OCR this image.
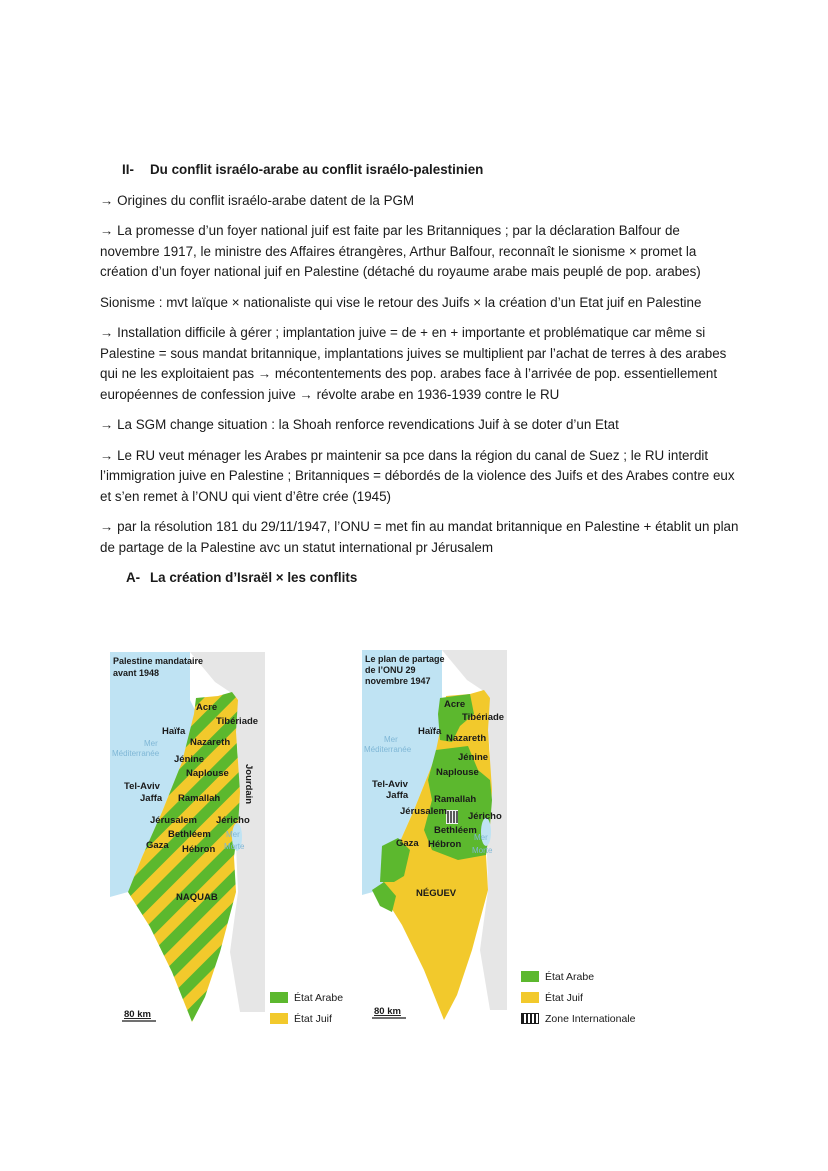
II- Du conflit israélo-arabe au conflit israélo-palestinien
→ Origines du conflit israélo-arabe datent de la PGM
→ La promesse d’un foyer national juif est faite par les Britanniques ; par la déclaration Balfour de novembre 1917, le ministre des Affaires étrangères, Arthur Balfour, reconnaît le sionisme × promet la création d’un foyer national juif en Palestine (détaché du royaume arabe mais peuplé de pop. arabes)
Sionisme : mvt laïque × nationaliste qui vise le retour des Juifs × la création d’un Etat juif en Palestine
→ Installation difficile à gérer ; implantation juive = de + en + importante et problématique car même si Palestine = sous mandat britannique, implantations juives se multiplient par l’achat de terres à des arabes qui ne les exploitaient pas → mécontentements des pop. arabes face à l’arrivée de pop. essentiellement européennes de confession juive → révolte arabe en 1936-1939 contre le RU
→ La SGM change situation : la Shoah renforce revendications Juif à se doter d’un Etat
→ Le RU veut ménager les Arabes pr maintenir sa pce dans la région du canal de Suez ; le RU interdit l’immigration juive en Palestine ; Britanniques = débordés de la violence des Juifs et des Arabes contre eux et s’en remet à l’ONU qui vient d’être crée (1945)
→ par la résolution 181 du 29/11/1947, l’ONU = met fin au mandat britannique en Palestine + établit un plan de partage de la Palestine avc un statut international pr Jérusalem
A- La création d’Israël × les conflits
Palestine mandataire
avant 1948
Acre
Tibériade
Haïfa
Nazareth
Mer
Méditerranée
Jénine
Naplouse
Tel-Aviv
Jaffa Ramallah
Jérusalem Jéricho
Bethléem Mer
Gaza Hébron Morte
Jourdain
NAQUAB
80 km
État Arabe
État Juif
Le plan de partage
de l’ONU 29
novembre 1947
Acre
Tibériade
Haïfa
Nazareth
Mer
Méditerranée
Jénine
Naplouse
Tel-Aviv
Jaffa	Ramallah
Jérusalem Jéricho
Bethléem
Mer
Gaza Hébron
Morte
NÉGUEV
80 km
État Arabe
État Juif
Zone Internationale
